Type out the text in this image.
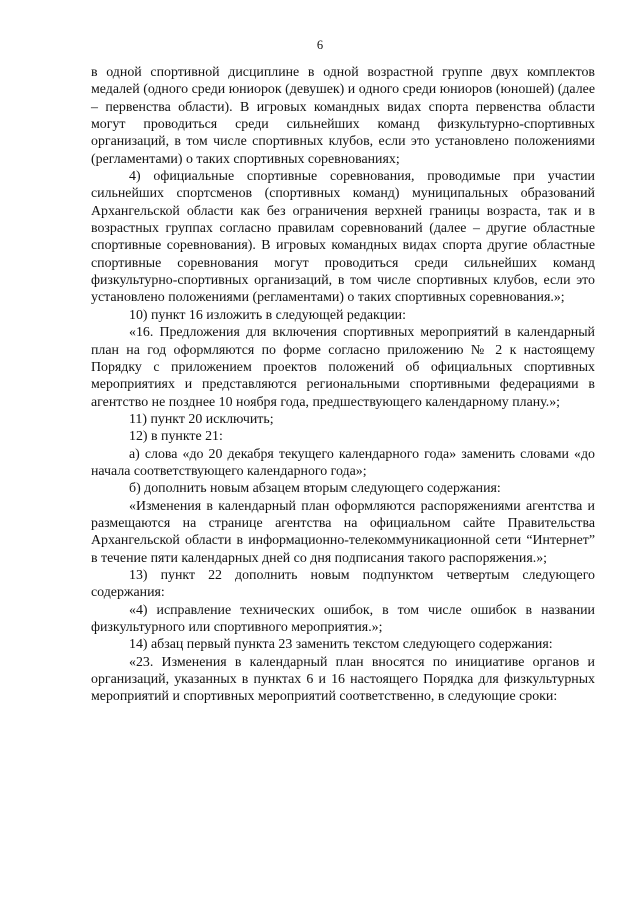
6

в одной спортивной дисциплине в одной возрастной группе двух комплектов медалей (одного среди юниорок (девушек) и одного среди юниоров (юношей) (далее – первенства области). В игровых командных видах спорта первенства области могут проводиться среди сильнейших команд физкультурно-спортивных организаций, в том числе спортивных клубов, если это установлено положениями (регламентами) о таких спортивных соревнованиях;

4) официальные спортивные соревнования, проводимые при участии сильнейших спортсменов (спортивных команд) муниципальных образований Архангельской области как без ограничения верхней границы возраста, так и в возрастных группах согласно правилам соревнований (далее – другие областные спортивные соревнования). В игровых командных видах спорта другие областные спортивные соревнования могут проводиться среди сильнейших команд физкультурно-спортивных организаций, в том числе спортивных клубов, если это установлено положениями (регламентами) о таких спортивных соревнования.»;

10) пункт 16 изложить в следующей редакции:

«16. Предложения для включения спортивных мероприятий в календарный план на год оформляются по форме согласно приложению № 2 к настоящему Порядку с приложением проектов положений об официальных спортивных мероприятиях и представляются региональными спортивными федерациями в агентство не позднее 10 ноября года, предшествующего календарному плану.»;

11) пункт 20 исключить;

12) в пункте 21:

а) слова «до 20 декабря текущего календарного года» заменить словами «до начала соответствующего календарного года»;

б) дополнить новым абзацем вторым следующего содержания:

«Изменения в календарный план оформляются распоряжениями агентства и размещаются на странице агентства на официальном сайте Правительства Архангельской области в информационно-телекоммуникационной сети “Интернет” в течение пяти календарных дней со дня подписания такого распоряжения.»;

13) пункт 22 дополнить новым подпунктом четвертым следующего содержания:

«4) исправление технических ошибок, в том числе ошибок в названии физкультурного или спортивного мероприятия.»;

14) абзац первый пункта 23 заменить текстом следующего содержания:

«23. Изменения в календарный план вносятся по инициативе органов и организаций, указанных в пунктах 6 и 16 настоящего Порядка для физкультурных мероприятий и спортивных мероприятий соответственно, в следующие сроки:
